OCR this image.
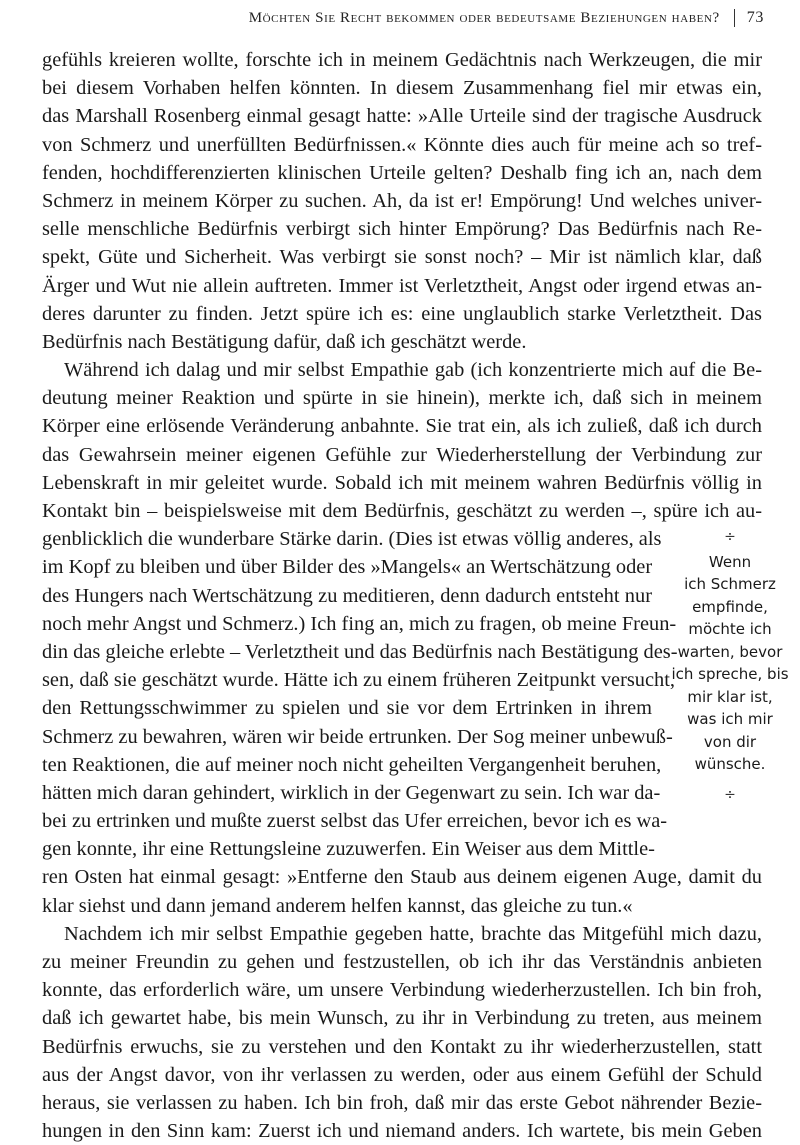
Möchten Sie Recht bekommen oder bedeutsame Beziehungen haben? 73
gefühls kreieren wollte, forschte ich in meinem Gedächtnis nach Werkzeugen, die mir
bei diesem Vorhaben helfen könnten. In diesem Zusammenhang fiel mir etwas ein,
das Marshall Rosenberg einmal gesagt hatte: »Alle Urteile sind der tragische Ausdruck
von Schmerz und unerfüllten Bedürfnissen.« Könnte dies auch für meine ach so tref-
fenden, hochdifferenzierten klinischen Urteile gelten? Deshalb fing ich an, nach dem
Schmerz in meinem Körper zu suchen. Ah, da ist er! Empörung! Und welches univer-
selle menschliche Bedürfnis verbirgt sich hinter Empörung? Das Bedürfnis nach Re-
spekt, Güte und Sicherheit. Was verbirgt sie sonst noch? – Mir ist nämlich klar, daß
Ärger und Wut nie allein auftreten. Immer ist Verletztheit, Angst oder irgend etwas an-
deres darunter zu finden. Jetzt spüre ich es: eine unglaublich starke Verletztheit. Das
Bedürfnis nach Bestätigung dafür, daß ich geschätzt werde.
Während ich dalag und mir selbst Empathie gab (ich konzentrierte mich auf die Be-
deutung meiner Reaktion und spürte in sie hinein), merkte ich, daß sich in meinem
Körper eine erlösende Veränderung anbahnte. Sie trat ein, als ich zuließ, daß ich durch
das Gewahrsein meiner eigenen Gefühle zur Wiederherstellung der Verbindung zur
Lebenskraft in mir geleitet wurde. Sobald ich mit meinem wahren Bedürfnis völlig in
Kontakt bin – beispielsweise mit dem Bedürfnis, geschätzt zu werden –, spüre ich au-
genblicklich die wunderbare Stärke darin. (Dies ist etwas völlig anderes, als
im Kopf zu bleiben und über Bilder des »Mangels« an Wertschätzung oder
des Hungers nach Wertschätzung zu meditieren, denn dadurch entsteht nur
noch mehr Angst und Schmerz.) Ich fing an, mich zu fragen, ob meine Freun-
din das gleiche erlebte – Verletztheit und das Bedürfnis nach Bestätigung des-
sen, daß sie geschätzt wurde. Hätte ich zu einem früheren Zeitpunkt versucht,
den Rettungsschwimmer zu spielen und sie vor dem Ertrinken in ihrem
Schmerz zu bewahren, wären wir beide ertrunken. Der Sog meiner unbewuß-
ten Reaktionen, die auf meiner noch nicht geheilten Vergangenheit beruhen,
hätten mich daran gehindert, wirklich in der Gegenwart zu sein. Ich war da-
bei zu ertrinken und mußte zuerst selbst das Ufer erreichen, bevor ich es wa-
gen konnte, ihr eine Rettungsleine zuzuwerfen. Ein Weiser aus dem Mittle-
ren Osten hat einmal gesagt: »Entferne den Staub aus deinem eigenen Auge, damit du
klar siehst und dann jemand anderem helfen kannst, das gleiche zu tun.«
Nachdem ich mir selbst Empathie gegeben hatte, brachte das Mitgefühl mich dazu,
zu meiner Freundin zu gehen und festzustellen, ob ich ihr das Verständnis anbieten
konnte, das erforderlich wäre, um unsere Verbindung wiederherzustellen. Ich bin froh,
daß ich gewartet habe, bis mein Wunsch, zu ihr in Verbindung zu treten, aus meinem
Bedürfnis erwuchs, sie zu verstehen und den Kontakt zu ihr wiederherzustellen, statt
aus der Angst davor, von ihr verlassen zu werden, oder aus einem Gefühl der Schuld
heraus, sie verlassen zu haben. Ich bin froh, daß mir das erste Gebot nährender Bezie-
hungen in den Sinn kam: Zuerst ich und niemand anders. Ich wartete, bis mein Geben
÷
Wenn
ich Schmerz
empfinde,
möchte ich
warten, bevor
ich spreche, bis
mir klar ist,
was ich mir
von dir
wünsche.
÷
